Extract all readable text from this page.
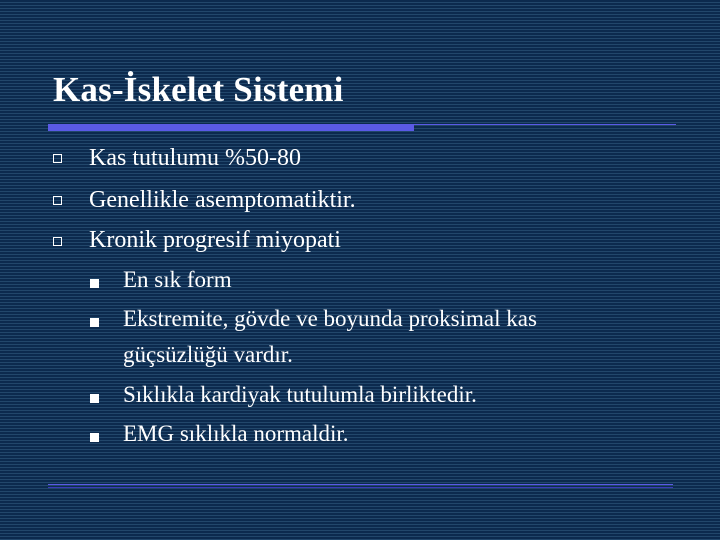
Kas-İskelet Sistemi
Kas tutulumu %50-80
Genellikle asemptomatiktir.
Kronik progresif miyopati
En sık form
Ekstremite, gövde ve boyunda proksimal kas
güçsüzlüğü vardır.
Sıklıkla kardiyak tutulumla birliktedir.
EMG sıklıkla normaldir.
